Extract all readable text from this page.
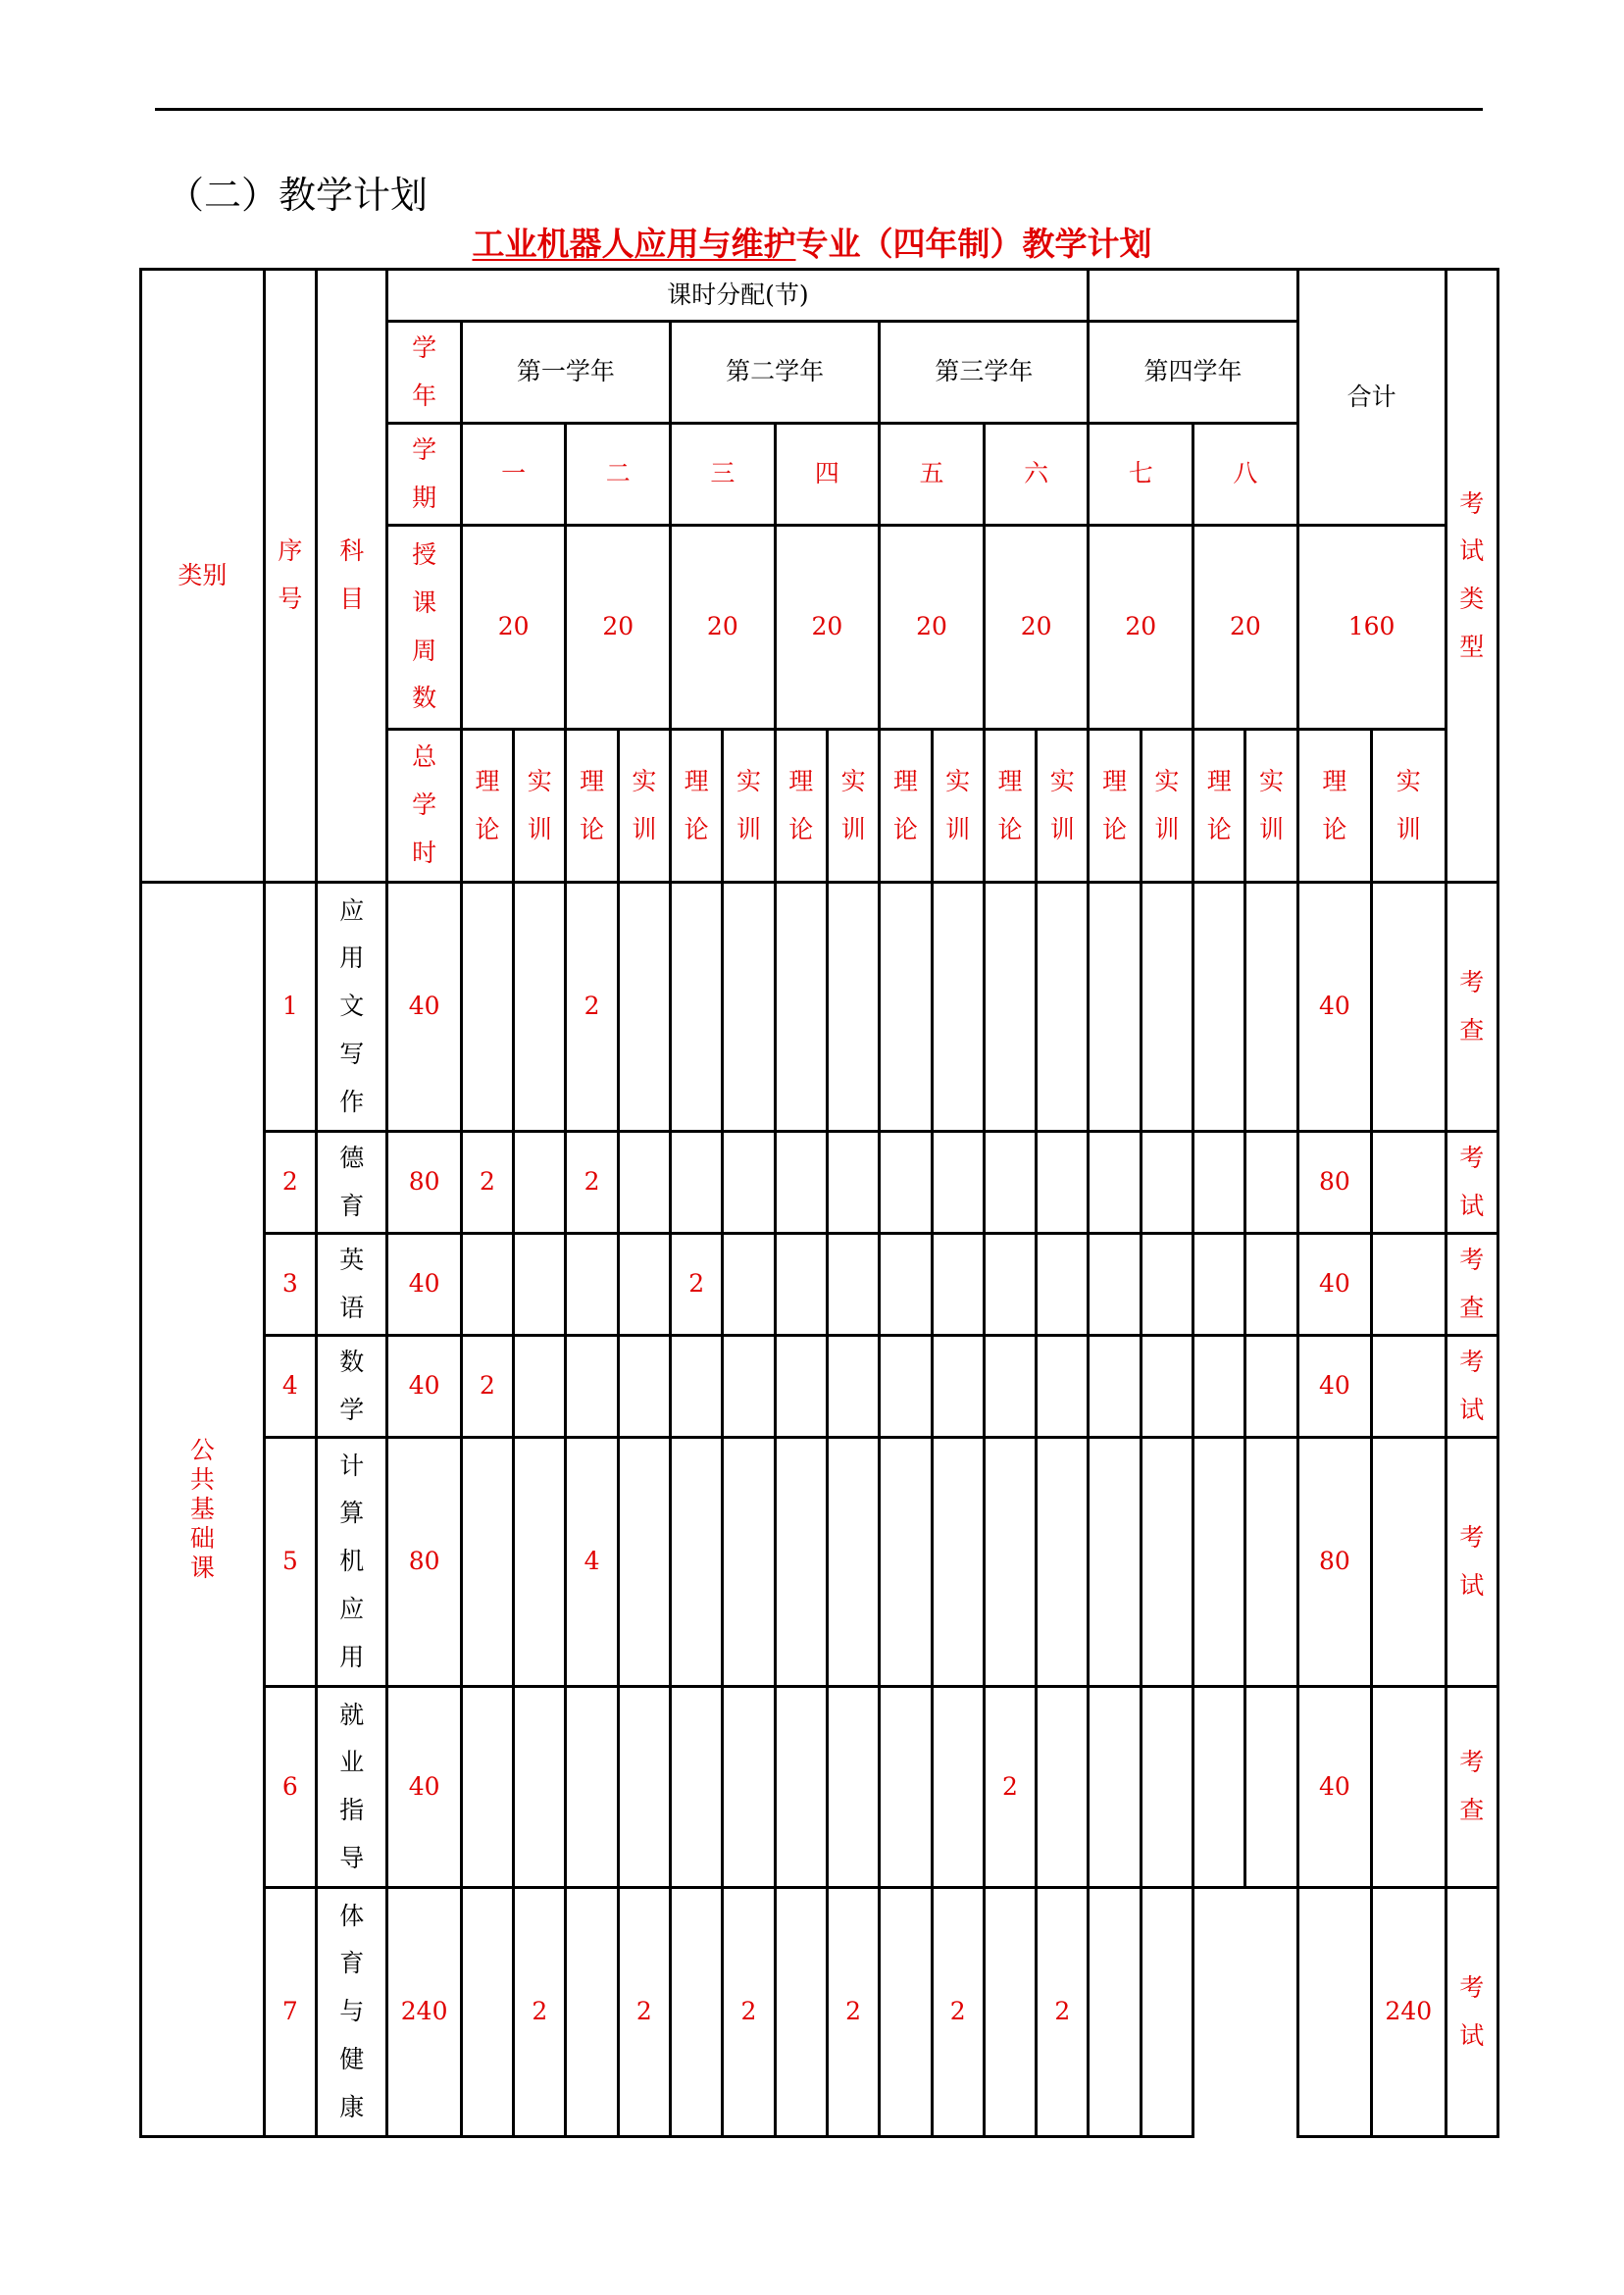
（二）教学计划
工业机器人应用与维护专业（四年制）教学计划
类别	序号	科目	课时分配(节)																	合计		考试类型

			学年	第一学年				第二学年				第三学年				第四学年						

			学期	一		二		三		四		五		六		七		八				

			授课周数	20		20		20		20		20		20		20		20		160		

			总学时	理论	实训	理论	实训	理论	实训	理论	实训	理论	实训	理论	实训	理论	实训	理论	实训	理论	实训	

公共基础课	1	应用文写作	40			2														40		考查

	2	德育	80	2		2														80		考试

	3	英语	40					2												40		考查

	4	数学	40	2																40		考试

	5	计算机应用	80			4														80		考试

	6	就业指导	40											2						40		考查

	7	体育与健康	240		2		2		2		2		2		2						240	考试
